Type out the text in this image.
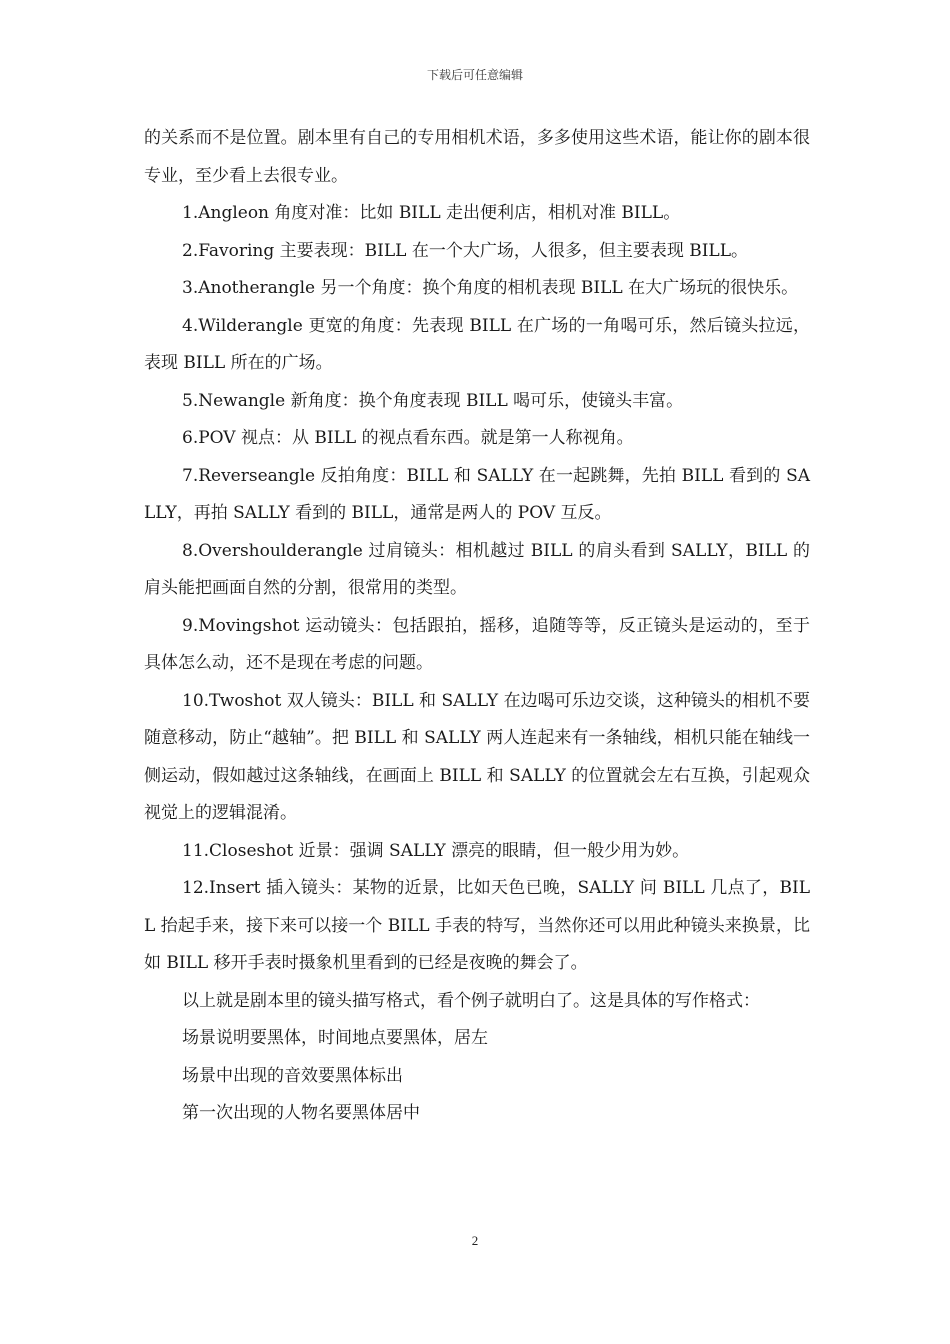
下载后可任意编辑

的关系而不是位置。剧本里有自己的专用相机术语，多多使用这些术语，能让你的剧本很专业，至少看上去很专业。

1.Angleon 角度对准：比如 BILL 走出便利店，相机对准 BILL。

2.Favoring 主要表现：BILL 在一个大广场，人很多，但主要表现 BILL。

3.Anotherangle 另一个角度：换个角度的相机表现 BILL 在大广场玩的很快乐。

4.Wilderangle 更宽的角度：先表现 BILL 在广场的一角喝可乐，然后镜头拉远，表现 BILL 所在的广场。

5.Newangle 新角度：换个角度表现 BILL 喝可乐，使镜头丰富。

6.POV 视点：从 BILL 的视点看东西。就是第一人称视角。

7.Reverseangle 反拍角度：BILL 和 SALLY 在一起跳舞，先拍 BILL 看到的 SALLY，再拍 SALLY 看到的 BILL，通常是两人的 POV 互反。

8.Overshoulderangle 过肩镜头：相机越过 BILL 的肩头看到 SALLY，BILL 的肩头能把画面自然的分割，很常用的类型。

9.Movingshot 运动镜头：包括跟拍，摇移，追随等等，反正镜头是运动的，至于具体怎么动，还不是现在考虑的问题。

10.Twoshot 双人镜头：BILL 和 SALLY 在边喝可乐边交谈，这种镜头的相机不要随意移动，防止“越轴”。把 BILL 和 SALLY 两人连起来有一条轴线，相机只能在轴线一侧运动，假如越过这条轴线，在画面上 BILL 和 SALLY 的位置就会左右互换，引起观众视觉上的逻辑混淆。

11.Closeshot 近景：强调 SALLY 漂亮的眼睛，但一般少用为妙。

12.Insert 插入镜头：某物的近景，比如天色已晚，SALLY 问 BILL 几点了，BILL 抬起手来，接下来可以接一个 BILL 手表的特写，当然你还可以用此种镜头来换景，比如 BILL 移开手表时摄象机里看到的已经是夜晚的舞会了。

以上就是剧本里的镜头描写格式，看个例子就明白了。这是具体的写作格式：

场景说明要黑体，时间地点要黑体，居左

场景中出现的音效要黑体标出

第一次出现的人物名要黑体居中

2
